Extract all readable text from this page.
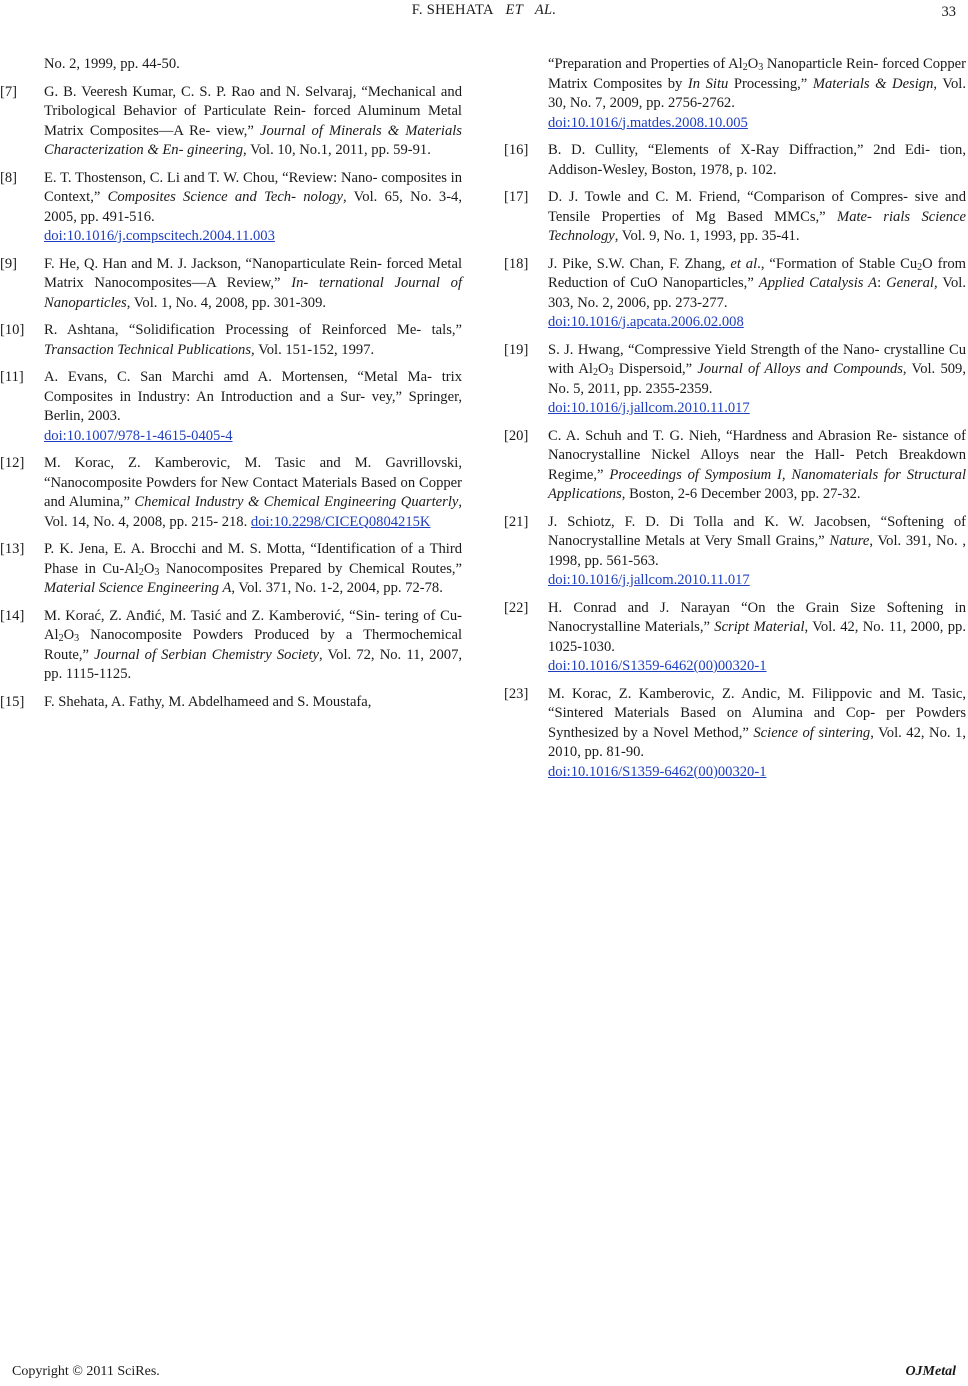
F. SHEHATA ET AL.	33
No. 2, 1999, pp. 44-50.
[7]	G. B. Veeresh Kumar, C. S. P. Rao and N. Selvaraj, “Mechanical and Tribological Behavior of Particulate Rein- forced Aluminum Metal Matrix Composites—A Re- view,” Journal of Minerals & Materials Characterization & En- gineering, Vol. 10, No.1, 2011, pp. 59-91.
[8]	E. T. Thostenson, C. Li and T. W. Chou, “Review: Nano- composites in Context,” Composites Science and Tech- nology, Vol. 65, No. 3-4, 2005, pp. 491-516.
doi:10.1016/j.compscitech.2004.11.003
[9]	F. He, Q. Han and M. J. Jackson, “Nanoparticulate Rein- forced Metal Matrix Nanocomposites—A Review,” In- ternational Journal of Nanoparticles, Vol. 1, No. 4, 2008, pp. 301-309.
[10]	R. Ashtana, “Solidification Processing of Reinforced Me- tals,” Transaction Technical Publications, Vol. 151-152, 1997.
[11]	A. Evans, C. San Marchi amd A. Mortensen, “Metal Ma- trix Composites in Industry: An Introduction and a Sur- vey,” Springer, Berlin, 2003.
doi:10.1007/978-1-4615-0405-4
[12]	M. Korac, Z. Kamberovic, M. Tasic and M. Gavrillovski, “Nanocomposite Powders for New Contact Materials Based on Copper and Alumina,” Chemical Industry & Chemical Engineering Quarterly, Vol. 14, No. 4, 2008, pp. 215- 218. doi:10.2298/CICEQ0804215K
[13]	P. K. Jena, E. A. Brocchi and M. S. Motta, “Identification of a Third Phase in $Cu-Al_2O_3$ Nanocomposites Prepared by Chemical Routes,” Material Science Engineering A, Vol. 371, No. 1-2, 2004, pp. 72-78.
[14]	M. Korać, Z. Anđić, M. Tasić and Z. Kamberović, “Sin- tering of $Cu-Al_2O_3$ Nanocomposite Powders Produced by a Thermochemical Route,” Journal of Serbian Chemistry Society, Vol. 72, No. 11, 2007, pp. 1115-1125.
[15]	F. Shehata, A. Fathy, M. Abdelhameed and S. Moustafa,
“Preparation and Properties of $Al_2O_3$ Nanoparticle Rein- forced Copper Matrix Composites by In Situ Processing,” Materials & Design, Vol. 30, No. 7, 2009, pp. 2756-2762.
doi:10.1016/j.matdes.2008.10.005
[16]	B. D. Cullity, “Elements of X-Ray Diffraction,” 2nd Edi- tion, Addison-Wesley, Boston, 1978, p. 102.
[17]	D. J. Towle and C. M. Friend, “Comparison of Compres- sive and Tensile Properties of Mg Based MMCs,” Mate- rials Science Technology, Vol. 9, No. 1, 1993, pp. 35-41.
[18]	J. Pike, S.W. Chan, F. Zhang, et al., “Formation of Stable $Cu_2O$ from Reduction of CuO Nanoparticles,” Applied Catalysis A: General, Vol. 303, No. 2, 2006, pp. 273-277.
doi:10.1016/j.apcata.2006.02.008
[19]	S. J. Hwang, “Compressive Yield Strength of the Nano- crystalline Cu with $Al_2O_3$ Dispersoid,” Journal of Alloys and Compounds, Vol. 509, No. 5, 2011, pp. 2355-2359.
doi:10.1016/j.jallcom.2010.11.017
[20]	C. A. Schuh and T. G. Nieh, “Hardness and Abrasion Re- sistance of Nanocrystalline Nickel Alloys near the Hall- Petch Breakdown Regime,” Proceedings of Symposium I, Nanomaterials for Structural Applications, Boston, 2-6 December 2003, pp. 27-32.
[21]	J. Schiotz, F. D. Di Tolla and K. W. Jacobsen, “Softening of Nanocrystalline Metals at Very Small Grains,” Nature, Vol. 391, No. , 1998, pp. 561-563.
doi:10.1016/j.jallcom.2010.11.017
[22]	H. Conrad and J. Narayan “On the Grain Size Softening in Nanocrystalline Materials,” Script Material, Vol. 42, No. 11, 2000, pp. 1025-1030.
doi:10.1016/S1359-6462(00)00320-1
[23]	M. Korac, Z. Kamberovic, Z. Andic, M. Filippovic and M. Tasic, “Sintered Materials Based on Alumina and Cop- per Powders Synthesized by a Novel Method,” Science of sintering, Vol. 42, No. 1, 2010, pp. 81-90.
doi:10.1016/S1359-6462(00)00320-1
Copyright © 2011 SciRes.	OJMetal
